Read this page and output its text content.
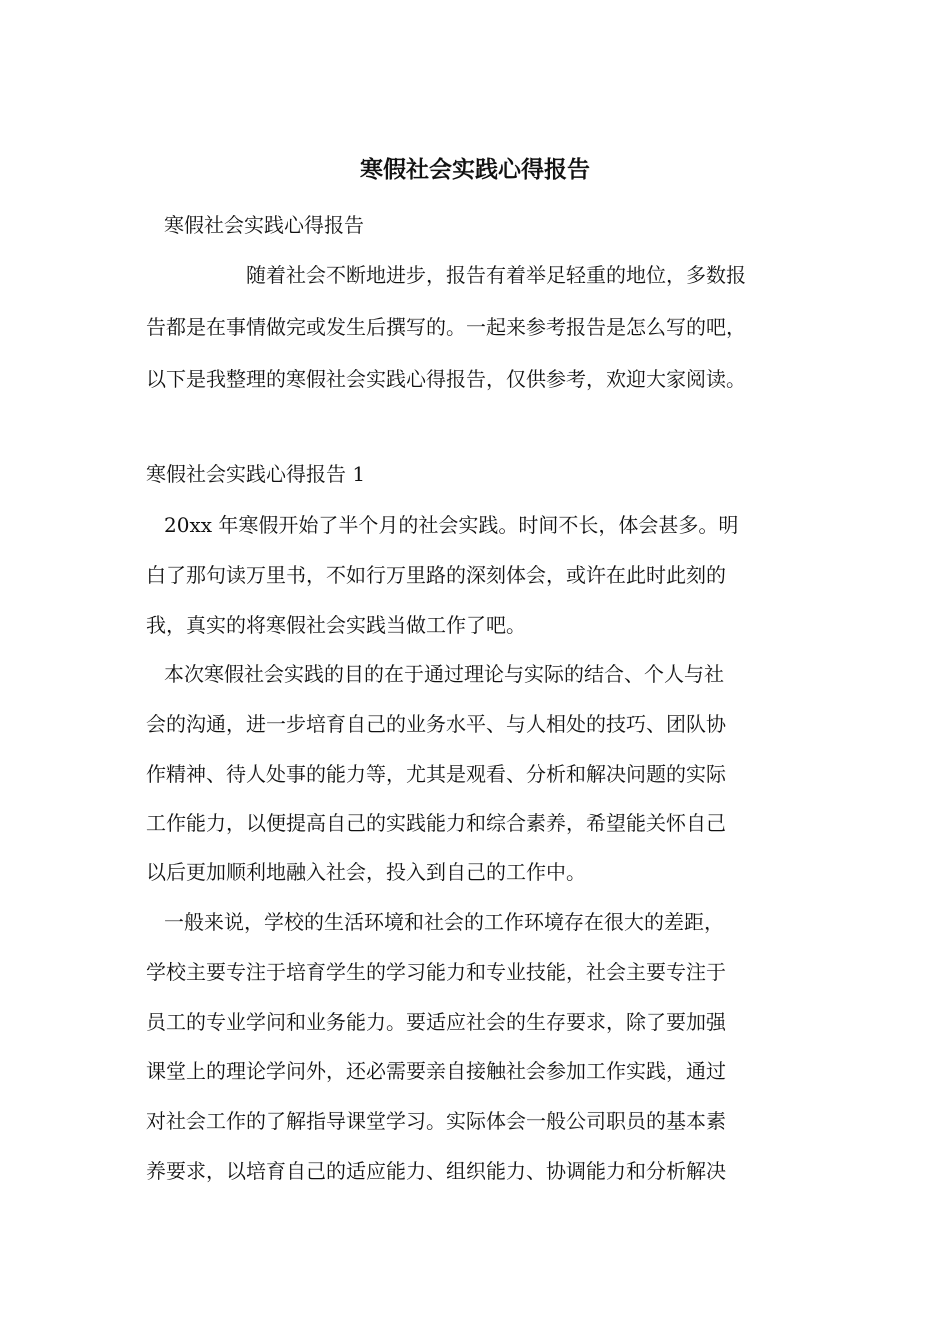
寒假社会实践心得报告
寒假社会实践心得报告
随着社会不断地进步，报告有着举足轻重的地位，多数报
告都是在事情做完或发生后撰写的。一起来参考报告是怎么写的吧，
以下是我整理的寒假社会实践心得报告，仅供参考，欢迎大家阅读。
寒假社会实践心得报告 1
20xx 年寒假开始了半个月的社会实践。时间不长，体会甚多。明
白了那句读万里书，不如行万里路的深刻体会，或许在此时此刻的
我，真实的将寒假社会实践当做工作了吧。
本次寒假社会实践的目的在于通过理论与实际的结合、个人与社
会的沟通，进一步培育自己的业务水平、与人相处的技巧、团队协
作精神、待人处事的能力等，尤其是观看、分析和解决问题的实际
工作能力，以便提高自己的实践能力和综合素养，希望能关怀自己
以后更加顺利地融入社会，投入到自己的工作中。
一般来说，学校的生活环境和社会的工作环境存在很大的差距，
学校主要专注于培育学生的学习能力和专业技能，社会主要专注于
员工的专业学问和业务能力。要适应社会的生存要求，除了要加强
课堂上的理论学问外，还必需要亲自接触社会参加工作实践，通过
对社会工作的了解指导课堂学习。实际体会一般公司职员的基本素
养要求，以培育自己的适应能力、组织能力、协调能力和分析解决
